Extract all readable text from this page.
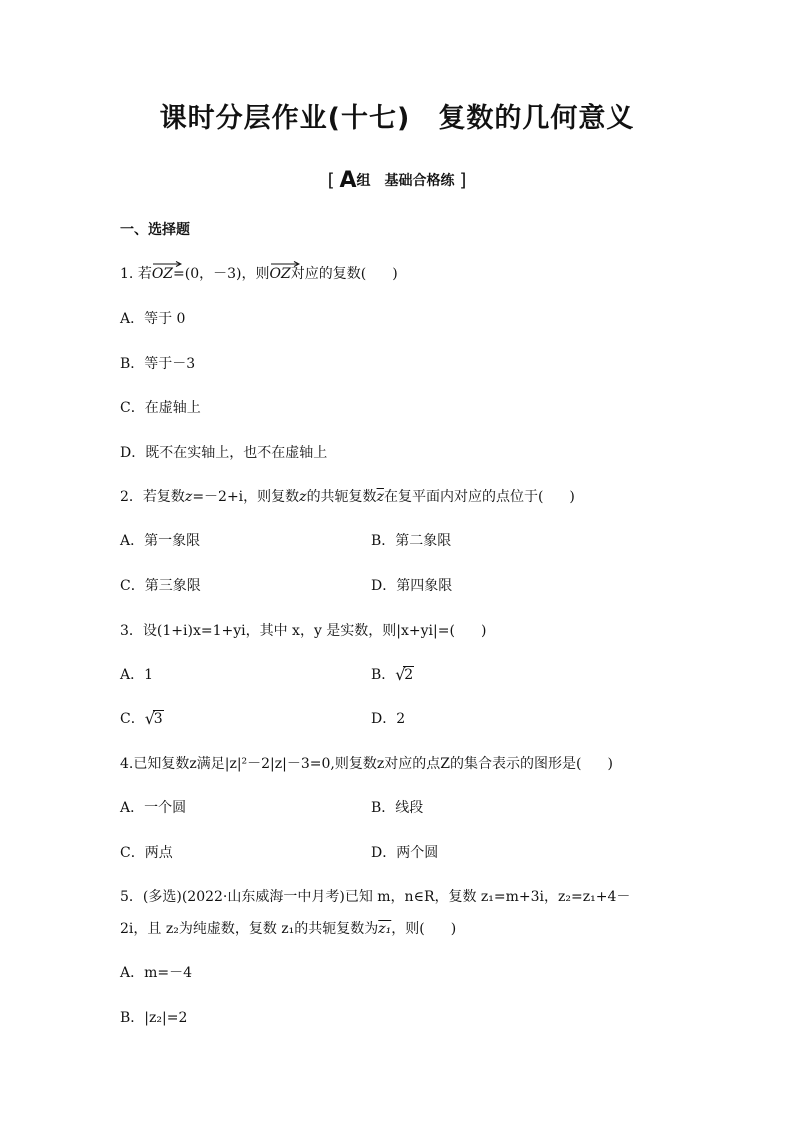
课时分层作业(十七) 复数的几何意义
[ A组 基础合格练 ]
一、选择题
1. 若
OZ=(0，－3)，则
OZ对应的复数( )
A．等于 0
B．等于－3
C．在虚轴上
D．既不在实轴上，也不在虚轴上
2．若复数z=－2+i，则复数z的共轭复数$\overline{z}$在复平面内对应的点位于( )
A．第一象限	B．第二象限
C．第三象限	D．第四象限
3．设(1+i)x=1+yi，其中 x，y 是实数，则|x+yi|=( )
A．1	B． √
2
C． √
3	D．2
4.已知复数z满足|z|²－2|z|－3=0,则复数z对应的点Z的集合表示的图形是( )
A．一个圆	B．线段
C．两点	D．两个圆
5．(多选)(2022·山东威海一中月考)已知 m，n∈R，复数 z₁=m+3i，z₂=z₁+4－
2i，且 z₂为纯虚数，复数 z₁的共轭复数为z₁，则( )
A．m=－4
B．|z₂|=2
